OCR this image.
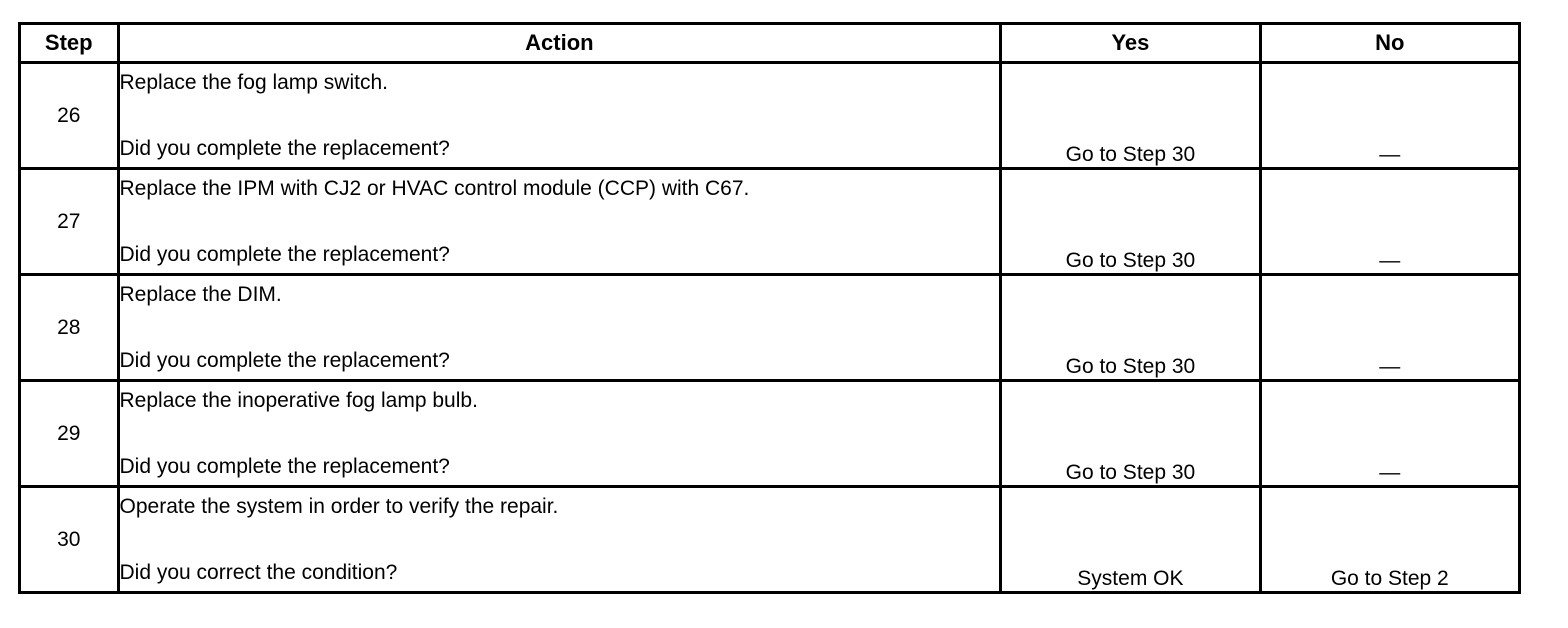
Step	Action	Yes	No
26	Replace the fog lamp switch.
Did you complete the replacement?	Go to Step 30	—
27	Replace the IPM with CJ2 or HVAC control module (CCP) with C67.
Did you complete the replacement?	Go to Step 30	—
28	Replace the DIM.
Did you complete the replacement?	Go to Step 30	—
29	Replace the inoperative fog lamp bulb.
Did you complete the replacement?	Go to Step 30	—
30	Operate the system in order to verify the repair.
Did you correct the condition?	System OK	Go to Step 2
